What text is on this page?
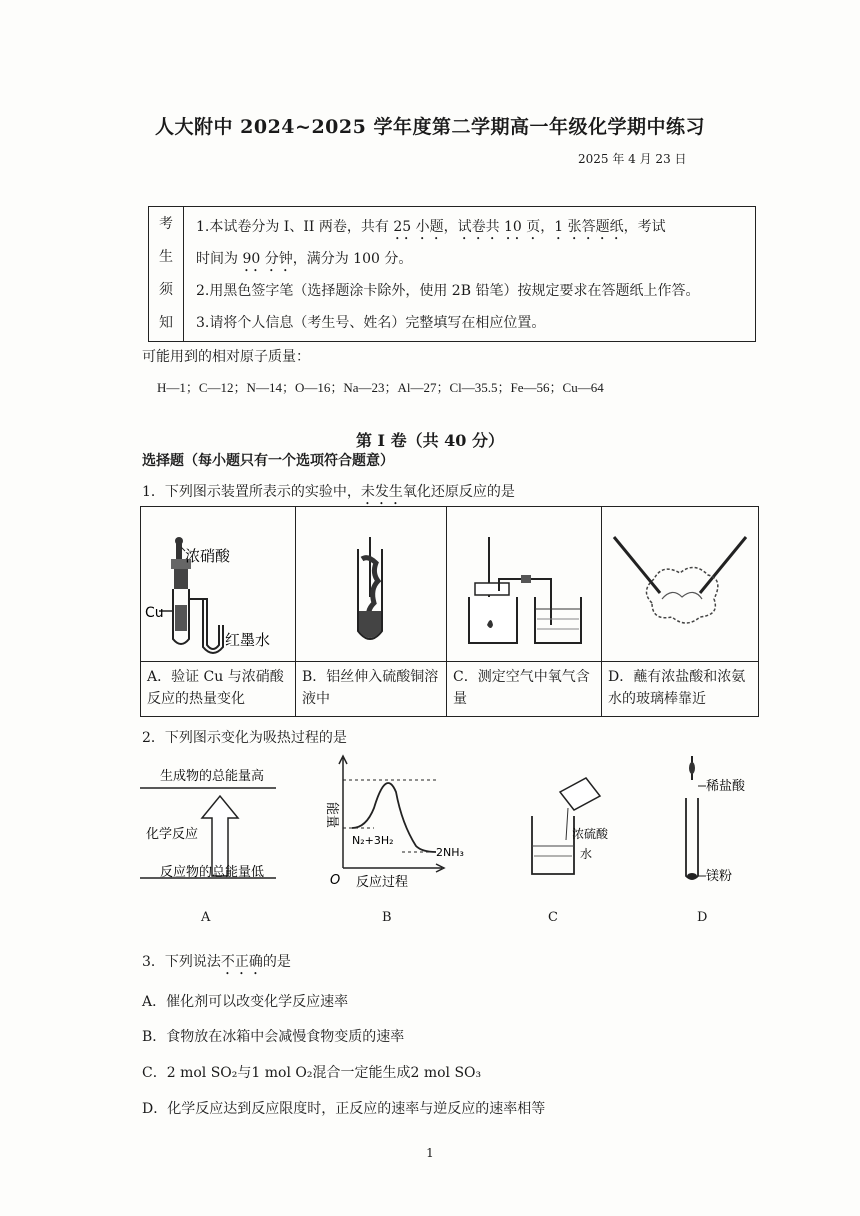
人大附中 2024~2025 学年度第二学期高一年级化学期中练习
2025 年 4 月 23 日
考
生
须
知

1.本试卷分为 I、II 两卷，共有 25 小题，试卷共 10 页，1 张答题纸，考试
时间为 90 分钟，满分为 100 分。

2.用黑色签字笔（选择题涂卡除外，使用 2B 铅笔）按规定要求在答题纸上作答。

3.请将个人信息（考生号、姓名）完整填写在相应位置。

可能用到的相对原子质量：
H—1；C—12；N—14；O—16；Na—23；Al—27；Cl—35.5；Fe—56；Cu—64
第 I 卷（共 40 分）
选择题（每小题只有一个选项符合题意）
1．下列图示装置所表示的实验中，未发生氧化还原反应的是
浓硝酸
Cu
红墨水

A．验证 Cu 与浓硝酸反应的热量变化	B．铝丝伸入硫酸铜溶液中	C．测定空气中氧气含量	D．蘸有浓盐酸和浓氨水的玻璃棒靠近
2．下列图示变化为吸热过程的是
生成物的总能量高
化学反应
反应物的总能量低
能量
O 反应过程
N₂+3H₂
2NH₃
浓硫酸
水
稀盐酸
镁粉
A	B	C	D
3．下列说法不正确的是
A．催化剂可以改变化学反应速率
B．食物放在冰箱中会减慢食物变质的速率
C．2 mol SO₂与1 mol O₂混合一定能生成2 mol SO₃
D．化学反应达到反应限度时，正反应的速率与逆反应的速率相等
1
